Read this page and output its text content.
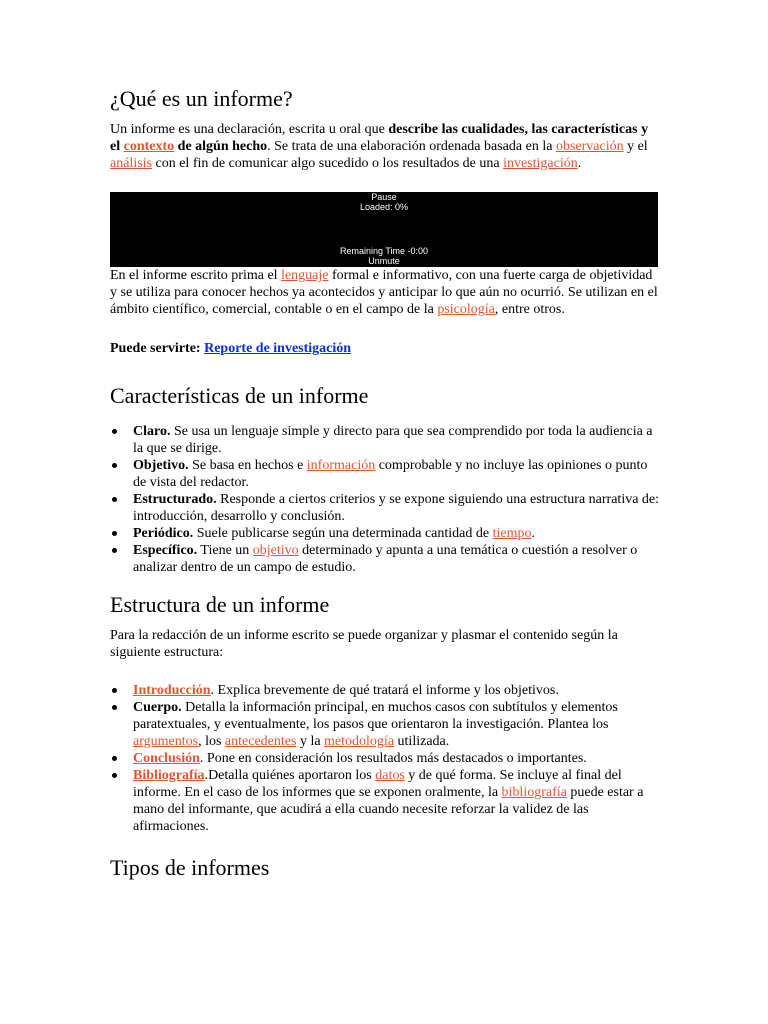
¿Qué es un informe?

Un informe es una declaración, escrita u oral que describe las cualidades, las características y el contexto de algún hecho. Se trata de una elaboración ordenada basada en la observación y el análisis con el fin de comunicar algo sucedido o los resultados de una investigación.

Pause
Loaded: 0%
Remaining Time -0:00
Unmute

En el informe escrito prima el lenguaje formal e informativo, con una fuerte carga de objetividad y se utiliza para conocer hechos ya acontecidos y anticipar lo que aún no ocurrió. Se utilizan en el ámbito científico, comercial, contable o en el campo de la psicología, entre otros.

Puede servirte: Reporte de investigación

Características de un informe
Claro. Se usa un lenguaje simple y directo para que sea comprendido por toda la audiencia a la que se dirige.
Objetivo. Se basa en hechos e información comprobable y no incluye las opiniones o punto de vista del redactor.
Estructurado. Responde a ciertos criterios y se expone siguiendo una estructura narrativa de: introducción, desarrollo y conclusión.
Periódico. Suele publicarse según una determinada cantidad de tiempo.
Específico. Tiene un objetivo determinado y apunta a una temática o cuestión a resolver o analizar dentro de un campo de estudio.
Estructura de un informe

Para la redacción de un informe escrito se puede organizar y plasmar el contenido según la siguiente estructura:

Introducción. Explica brevemente de qué tratará el informe y los objetivos.
Cuerpo. Detalla la información principal, en muchos casos con subtítulos y elementos paratextuales, y eventualmente, los pasos que orientaron la investigación. Plantea los argumentos, los antecedentes y la metodología utilizada.
Conclusión. Pone en consideración los resultados más destacados o importantes.
Bibliografía.Detalla quiénes aportaron los datos y de qué forma. Se incluye al final del informe. En el caso de los informes que se exponen oralmente, la bibliografía puede estar a mano del informante, que acudirá a ella cuando necesite reforzar la validez de las afirmaciones.
Tipos de informes
